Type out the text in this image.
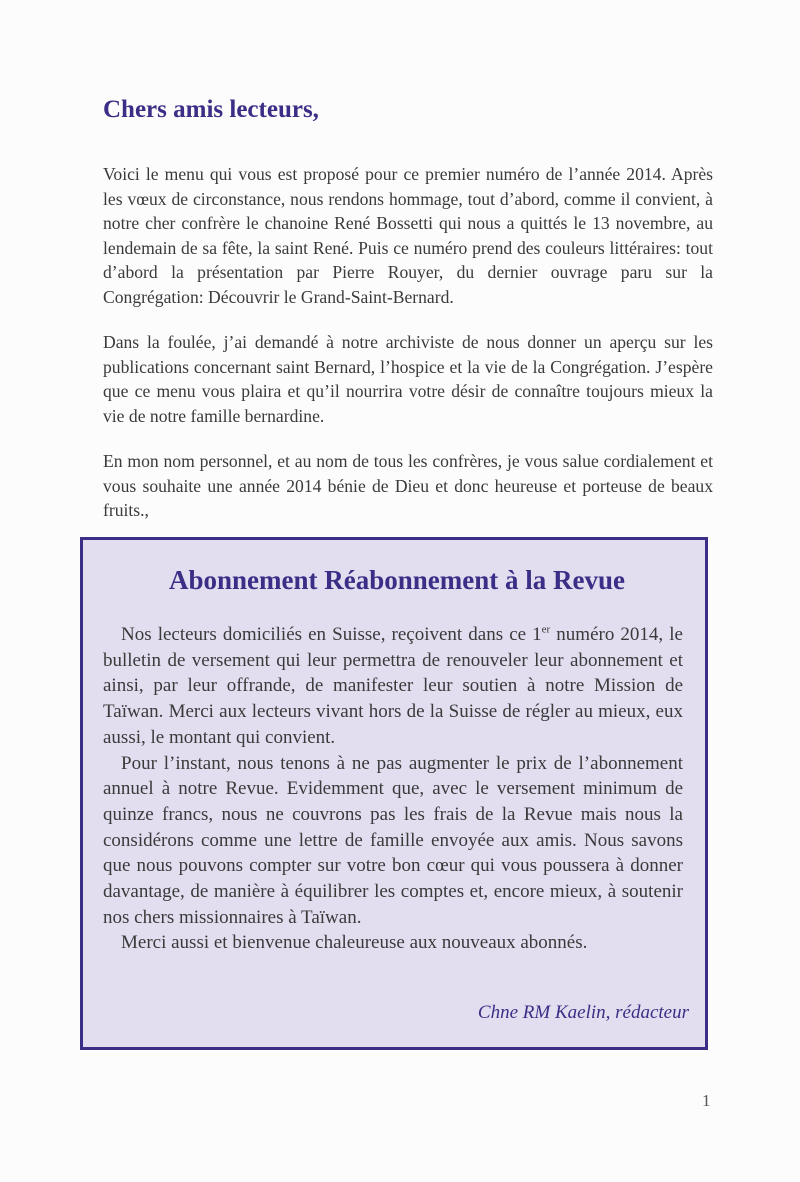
Chers amis lecteurs,

Voici le menu qui vous est proposé pour ce premier numéro de l’année 2014. Après les vœux de circonstance, nous rendons hommage, tout d’abord, comme il convient, à notre cher confrère le chanoine René Bossetti qui nous a quittés le 13 novembre, au lendemain de sa fête, la saint René. Puis ce numéro prend des couleurs littéraires: tout d’abord la présentation par Pierre Rouyer, du dernier ouvrage paru sur la Congrégation: Découvrir le Grand-Saint-Bernard.

Dans la foulée, j’ai demandé à notre archiviste de nous donner un aperçu sur les publications concernant saint Bernard, l’hospice et la vie de la Congrégation. J’espère que ce menu vous plaira et qu’il nourrira votre désir de connaître toujours mieux la vie de notre famille bernardine.

En mon nom personnel, et au nom de tous les confrères, je vous salue cordialement et vous souhaite une année 2014 bénie de Dieu et donc heureuse et porteuse de beaux fruits.,

Abonnement Réabonnement à la Revue

Nos lecteurs domiciliés en Suisse, reçoivent dans ce 1er numéro 2014, le bulletin de versement qui leur permettra de renouveler leur abonnement et ainsi, par leur offrande, de manifester leur soutien à notre Mission de Taïwan. Merci aux lecteurs vivant hors de la Suisse de régler au mieux, eux aussi, le montant qui convient.

Pour l’instant, nous tenons à ne pas augmenter le prix de l’abonnement annuel à notre Revue. Evidemment que, avec le versement minimum de quinze francs, nous ne couvrons pas les frais de la Revue mais nous la considérons comme une lettre de famille envoyée aux amis. Nous savons que nous pouvons compter sur votre bon cœur qui vous poussera à donner davantage, de manière à équilibrer les comptes et, encore mieux, à soutenir nos chers missionnaires à Taïwan.

Merci aussi et bienvenue chaleureuse aux nouveaux abonnés.

Chne RM Kaelin, rédacteur
1
